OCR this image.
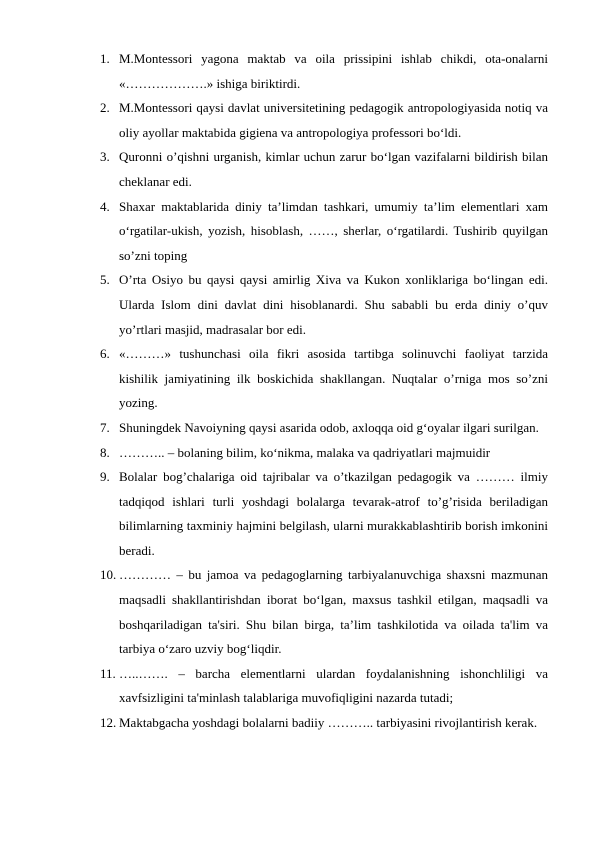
1. M.Montessori yagona maktab va oila prissipini ishlab chikdi, ota-onalarni «……………….» ishiga biriktirdi.
2. M.Montessori qaysi davlat universitetining pedagogik antropologiyasida notiq va oliy ayollar maktabida gigiena va antropologiya professori bo‘ldi.
3. Quronni o’qishni urganish, kimlar uchun zarur bo‘lgan vazifalarni bildirish bilan cheklanar edi.
4. Shaxar maktablarida diniy ta’limdan tashkari, umumiy ta’lim elementlari xam o‘rgatilar-ukish, yozish, hisoblash, ……, sherlar, o‘rgatilardi. Tushirib quyilgan so’zni toping
5. O’rta Osiyo bu qaysi qaysi amirlig Xiva va Kukon xonliklariga bo‘lingan edi. Ularda Islom dini davlat dini hisoblanardi. Shu sababli bu erda diniy o’quv yo’rtlari masjid, madrasalar bor edi.
6. «………» tushunchasi oila fikri asosida tartibga solinuvchi faoliyat tarzida kishilik jamiyatining ilk boskichida shakllangan. Nuqtalar o’rniga mos so’zni yozing.
7. Shuningdek Navoiyning qaysi asarida odob, axloqqa oid g‘oyalar ilgari surilgan.
8. ……….. – bolaning bilim, ko‘nikma, malaka va qadriyatlari majmuidir
9. Bolalar bog’chalariga oid tajribalar va o’tkazilgan pedagogik va ……… ilmiy tadqiqod ishlari turli yoshdagi bolalarga tevarak-atrof to’g’risida beriladigan bilimlarning taxminiy hajmini belgilash, ularni murakkablashtirib borish imkonini beradi.
10. ………… – bu jamoa va pedagoglarning tarbiyalanuvchiga shaxsni mazmunan maqsadli shakllantirishdan iborat bo‘lgan, maxsus tashkil etilgan, maqsadli va boshqariladigan ta'siri. Shu bilan birga, ta’lim tashkilotida va oilada ta'lim va tarbiya o‘zaro uzviy bog‘liqdir.
11. …..……. – barcha elementlarni ulardan foydalanishning ishonchliligi va xavfsizligini ta'minlash talablariga muvofiqligini nazarda tutadi;
12. Maktabgacha yoshdagi bolalarni badiiy ……….. tarbiyasini rivojlantirish kerak.
